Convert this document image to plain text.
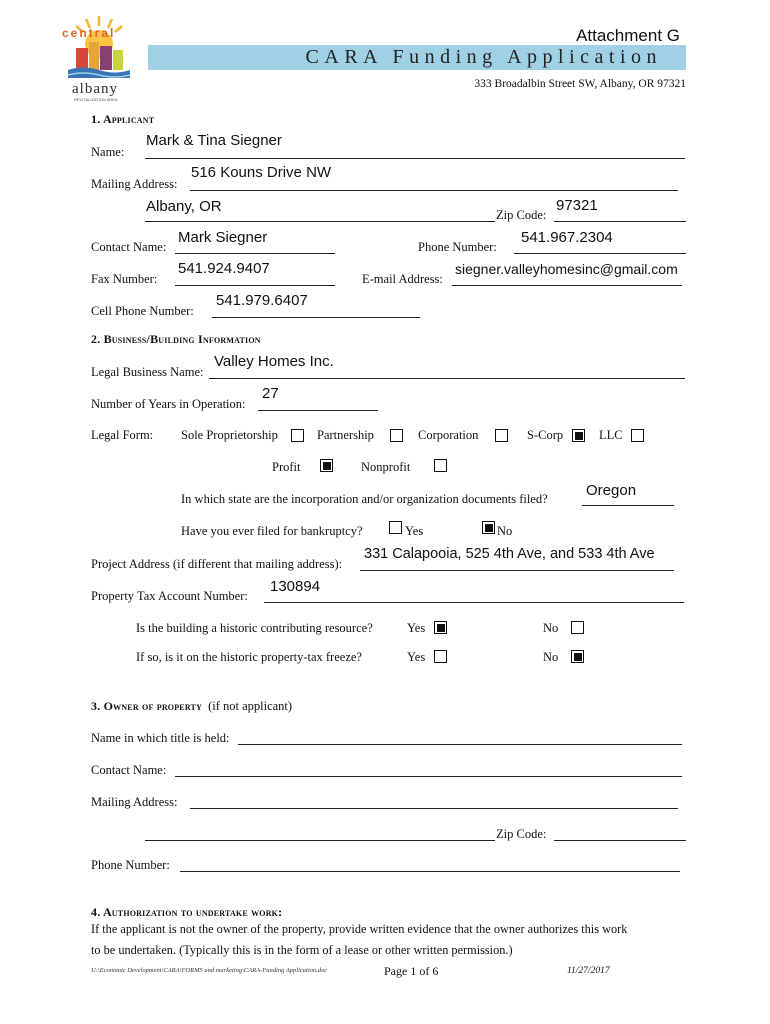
central
albany
REVITALIZATION AREA
Attachment G
CARA Funding Application
333 Broadalbin Street SW, Albany, OR 97321
1. Applicant
Name:
Mark & Tina Siegner
Mailing Address:
516 Kouns Drive NW
Albany, OR	Zip Code:
97321
Contact Name:
Mark Siegner
Phone Number:
541.967.2304
Fax Number:
541.924.9407
E-mail Address:
siegner.valleyhomesinc@gmail.com
Cell Phone Number:
541.979.6407
2. Business/Building Information
Legal Business Name:
Valley Homes Inc.
Number of Years in Operation:
27
Legal Form: Sole Proprietorship	Partnership	Corporation	S-Corp	LLC
Profit	Nonprofit
In which state are the incorporation and/or organization documents filed?	Oregon
Have you ever filed for bankruptcy?	Yes	No
Project Address (if different that mailing address):
331 Calapooia, 525 4th Ave, and 533 4th Ave
Property Tax Account Number:
130894
Is the building a historic contributing resource?	Yes	No
If so, is it on the historic property-tax freeze?	Yes	No
3. Owner of property (if not applicant)
Name in which title is held:
Contact Name:
Mailing Address:
Zip Code:
Phone Number:
4. Authorization to undertake work:
If the applicant is not the owner of the property, provide written evidence that the owner authorizes this work
to be undertaken. (Typically this is in the form of a lease or other written permission.)
U:\Economic Development\CARA\FORMS and marketing\CARA-Funding Application.doc	Page 1 of 6	11/27/2017
